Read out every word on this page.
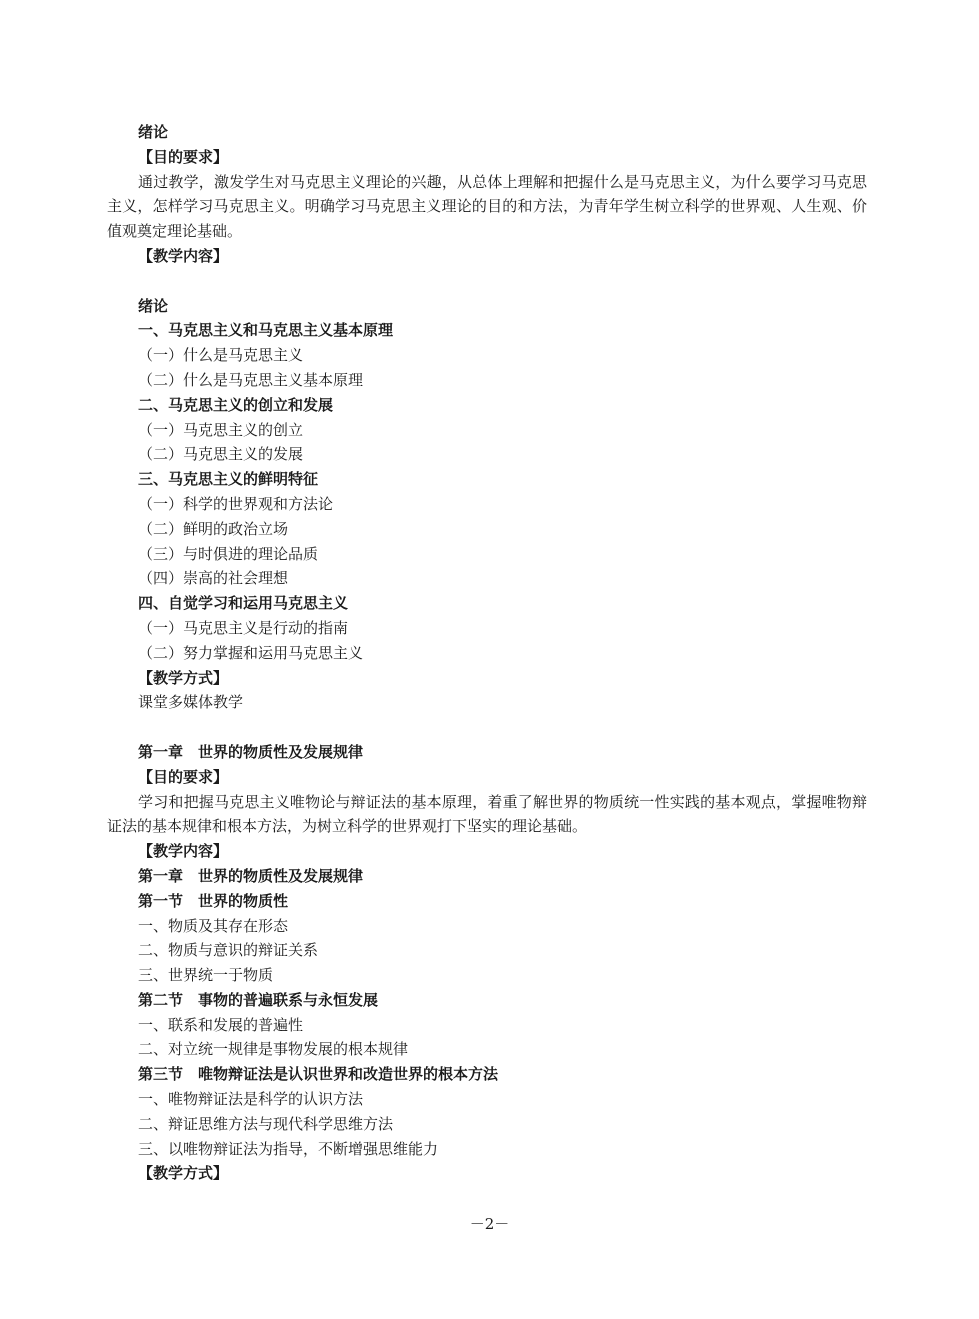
绪论
【目的要求】
通过教学，激发学生对马克思主义理论的兴趣，从总体上理解和把握什么是马克思主义，为什么要学习马克思主义，怎样学习马克思主义。明确学习马克思主义理论的目的和方法，为青年学生树立科学的世界观、人生观、价值观奠定理论基础。
【教学内容】
绪论
一、马克思主义和马克思主义基本原理
（一）什么是马克思主义
（二）什么是马克思主义基本原理
二、马克思主义的创立和发展
（一）马克思主义的创立
（二）马克思主义的发展
三、马克思主义的鲜明特征
（一）科学的世界观和方法论
（二）鲜明的政治立场
（三）与时俱进的理论品质
（四）崇高的社会理想
四、自觉学习和运用马克思主义
（一）马克思主义是行动的指南
（二）努力掌握和运用马克思主义
【教学方式】
课堂多媒体教学
第一章　世界的物质性及发展规律
【目的要求】
学习和把握马克思主义唯物论与辩证法的基本原理，着重了解世界的物质统一性实践的基本观点，掌握唯物辩证法的基本规律和根本方法，为树立科学的世界观打下坚实的理论基础。
【教学内容】
第一章　世界的物质性及发展规律
第一节　世界的物质性
一、物质及其存在形态
二、物质与意识的辩证关系
三、世界统一于物质
第二节　事物的普遍联系与永恒发展
一、联系和发展的普遍性
二、对立统一规律是事物发展的根本规律
第三节　唯物辩证法是认识世界和改造世界的根本方法
一、唯物辩证法是科学的认识方法
二、辩证思维方法与现代科学思维方法
三、以唯物辩证法为指导，不断增强思维能力
【教学方式】
－2－
